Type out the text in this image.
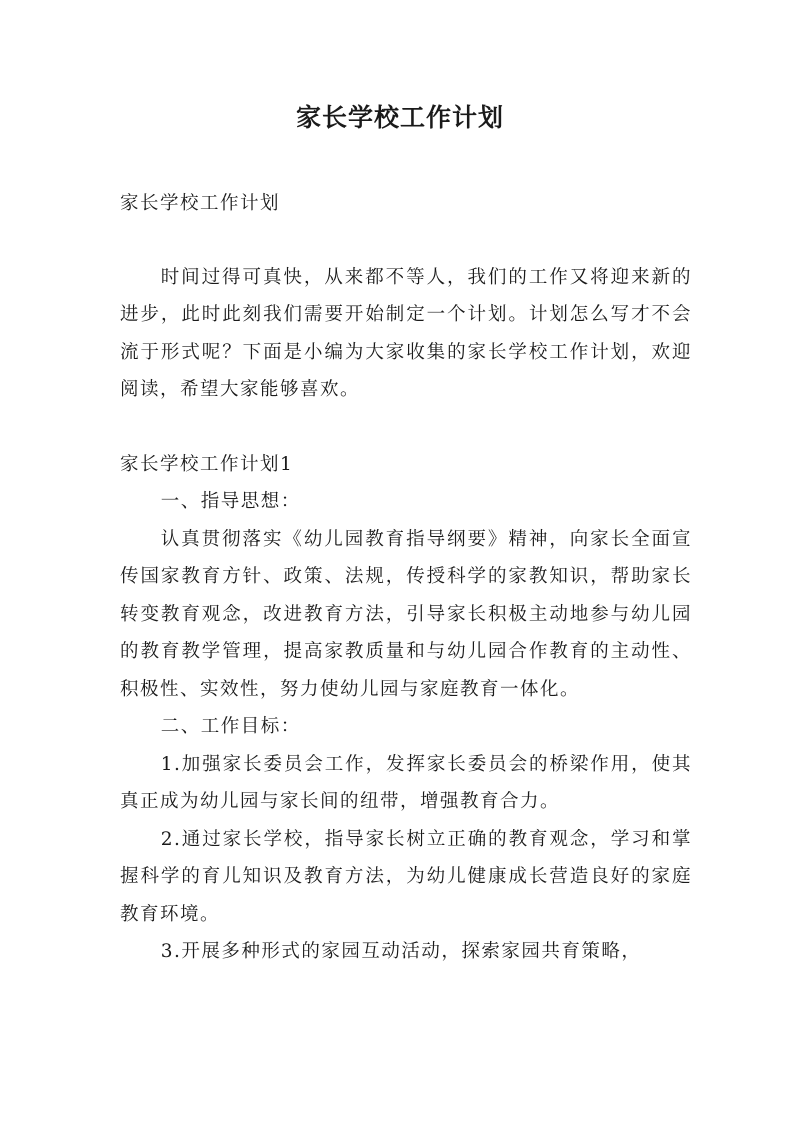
家长学校工作计划

家长学校工作计划

时间过得可真快，从来都不等人，我们的工作又将迎来新的进步，此时此刻我们需要开始制定一个计划。计划怎么写才不会流于形式呢？下面是小编为大家收集的家长学校工作计划，欢迎阅读，希望大家能够喜欢。

家长学校工作计划1

一、指导思想：

认真贯彻落实《幼儿园教育指导纲要》精神，向家长全面宣传国家教育方针、政策、法规，传授科学的家教知识，帮助家长转变教育观念，改进教育方法，引导家长积极主动地参与幼儿园的教育教学管理，提高家教质量和与幼儿园合作教育的主动性、积极性、实效性，努力使幼儿园与家庭教育一体化。

二、工作目标：

1.加强家长委员会工作，发挥家长委员会的桥梁作用，使其真正成为幼儿园与家长间的纽带，增强教育合力。

2.通过家长学校，指导家长树立正确的教育观念，学习和掌握科学的育儿知识及教育方法，为幼儿健康成长营造良好的家庭教育环境。

3.开展多种形式的家园互动活动，探索家园共育策略，
